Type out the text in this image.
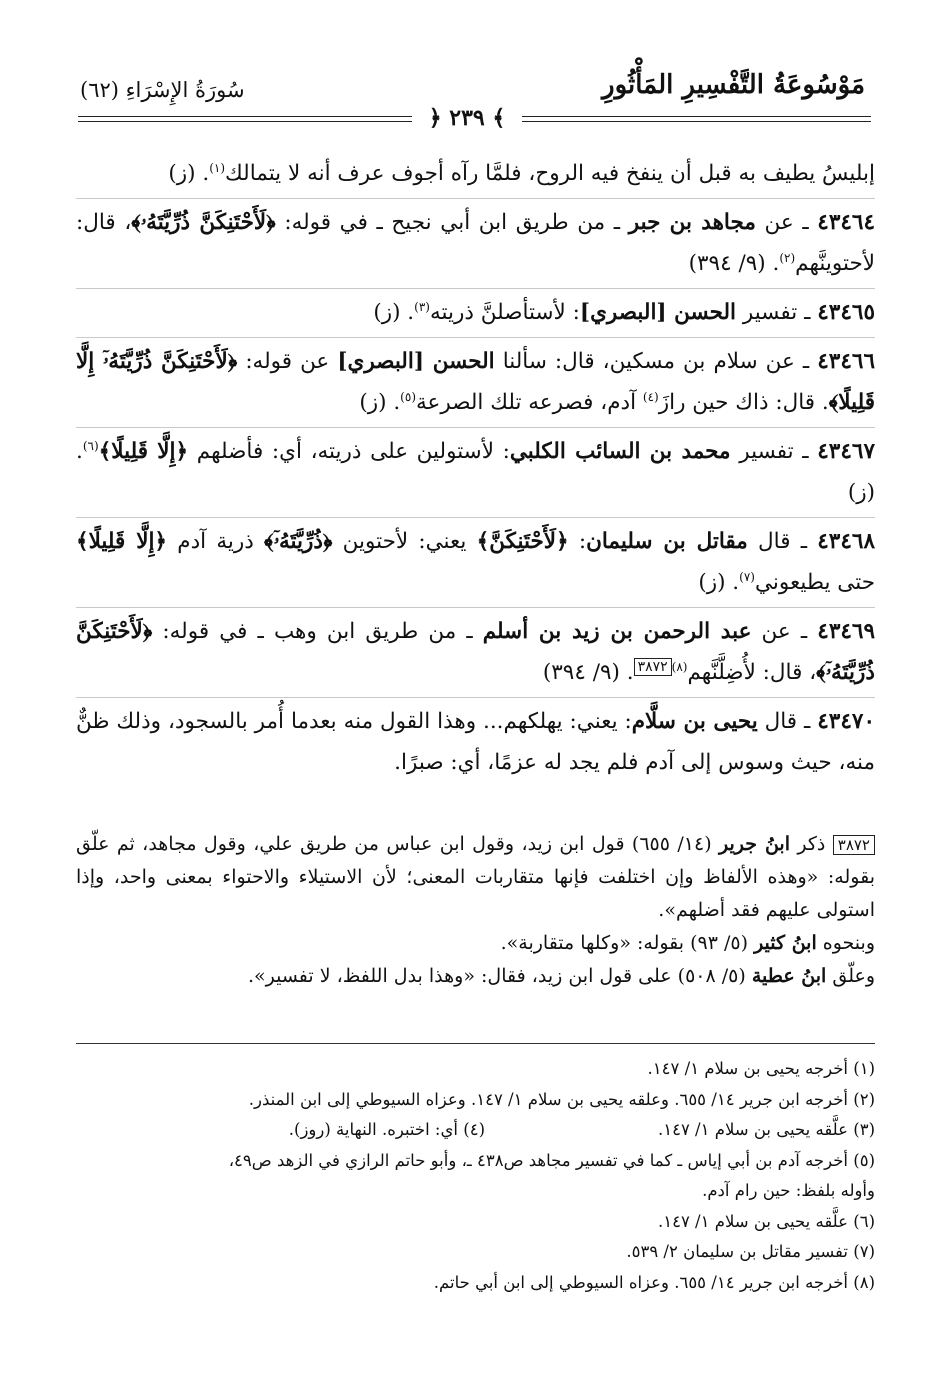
مَوْسُوعَةُ التَّفْسِيرِ المَأْثُورِ
سُورَةُ الإِسْرَاءِ (٦٢)
﴾ ٢٣٩ ﴿

إبليسُ يطيف به قبل أن ينفخ فيه الروح، فلمَّا رآه أجوف عرف أنه لا يتمالك$^{(١)}$. (ز)

٤٣٤٦٤ ـ عن مجاهد بن جبر ـ من طريق ابن أبي نجيح ـ في قوله: ﴿لَأَحْتَنِكَنَّ ذُرِّيَّتَهُۥ﴾، قال: لأحتوينَّهم$^{(٢)}$. (٩/ ٣٩٤)

٤٣٤٦٥ ـ تفسير الحسن [البصري]: لأستأصلنَّ ذريته$^{(٣)}$. (ز)

٤٣٤٦٦ ـ عن سلام بن مسكين، قال: سألنا الحسن [البصري] عن قوله: ﴿لَأَحْتَنِكَنَّ ذُرِّيَّتَهُۥٓ إِلَّا قَلِيلًا﴾. قال: ذاك حين رازَ$^{(٤)}$ آدم، فصرعه تلك الصرعة$^{(٥)}$. (ز)

٤٣٤٦٧ ـ تفسير محمد بن السائب الكلبي: لأستولين على ذريته، أي: فأضلهم ﴿إِلَّا قَلِيلًا﴾$^{(٦)}$. (ز)

٤٣٤٦٨ ـ قال مقاتل بن سليمان: ﴿لَأَحْتَنِكَنَّ﴾ يعني: لأحتوين ﴿ذُرِّيَّتَهُۥٓ﴾ ذرية آدم ﴿إِلَّا قَلِيلًا﴾ حتى يطيعوني$^{(٧)}$. (ز)

٤٣٤٦٩ ـ عن عبد الرحمن بن زيد بن أسلم ـ من طريق ابن وهب ـ في قوله: ﴿لَأَحْتَنِكَنَّ ذُرِّيَّتَهُۥٓ﴾، قال: لأُضِلَّنَّهم$^{(٨)}$٣٨٧٢. (٩/ ٣٩٤)

٤٣٤٧٠ ـ قال يحيى بن سلَّام: يعني: يهلكهم... وهذا القول منه بعدما أُمر بالسجود، وذلك ظنٌّ منه، حيث وسوس إلى آدم فلم يجد له عزمًا، أي: صبرًا.

٣٨٧٢ ذكر ابنُ جرير (١٤/ ٦٥٥) قول ابن زيد، وقول ابن عباس من طريق علي، وقول مجاهد، ثم علّق بقوله: «وهذه الألفاظ وإن اختلفت فإنها متقاربات المعنى؛ لأن الاستيلاء والاحتواء بمعنى واحد، وإذا استولى عليهم فقد أضلهم».

وبنحوه ابنُ كثير (٥/ ٩٣) بقوله: «وكلها متقاربة».

وعلّق ابنُ عطية (٥/ ٥٠٨) على قول ابن زيد، فقال: «وهذا بدل اللفظ، لا تفسير».

(١) أخرجه يحيى بن سلام ١/ ١٤٧.

(٢) أخرجه ابن جرير ١٤/ ٦٥٥. وعلقه يحيى بن سلام ١/ ١٤٧. وعزاه السيوطي إلى ابن المنذر.

(٣) علَّقه يحيى بن سلام ١/ ١٤٧.
(٤) أي: اختبره. النهاية (روز).

(٥) أخرجه آدم بن أبي إياس ـ كما في تفسير مجاهد ص٤٣٨ ـ، وأبو حاتم الرازي في الزهد ص٤٩،

وأوله بلفظ: حين رام آدم.

(٦) علَّقه يحيى بن سلام ١/ ١٤٧.

(٧) تفسير مقاتل بن سليمان ٢/ ٥٣٩.

(٨) أخرجه ابن جرير ١٤/ ٦٥٥. وعزاه السيوطي إلى ابن أبي حاتم.
